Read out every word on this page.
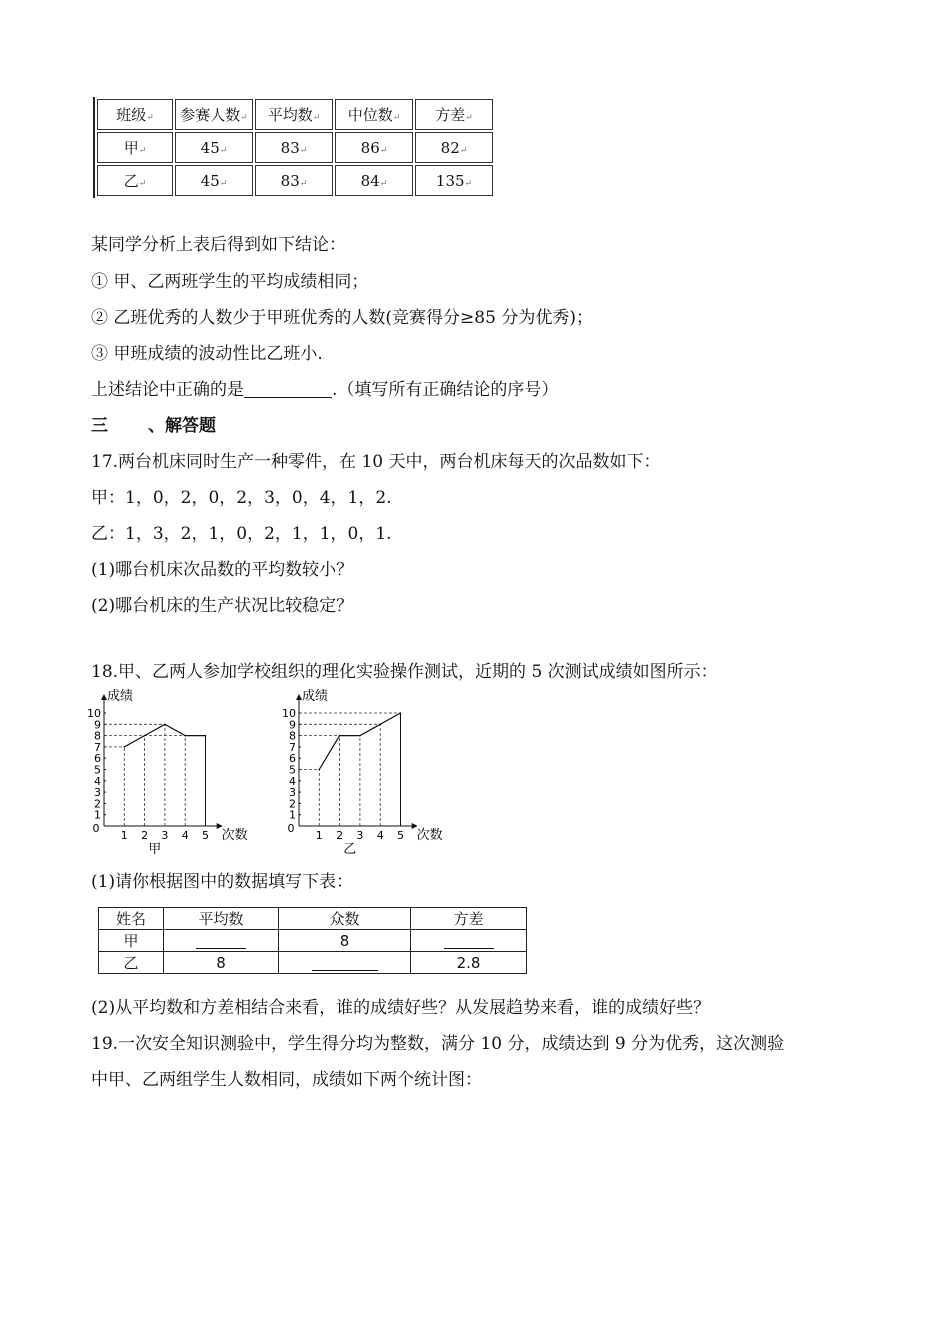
班级↵	参赛人数↵	平均数↵	中位数↵	方差↵
甲↵	45↵	83↵	86↵	82↵
乙↵	45↵	83↵	84↵	135↵
某同学分析上表后得到如下结论：
① 甲、乙两班学生的平均成绩相同；
② 乙班优秀的人数少于甲班优秀的人数(竞赛得分≥85 分为优秀)；
③ 甲班成绩的波动性比乙班小.
上述结论中正确的是	.（填写所有正确结论的序号）
三 、解答题
17.两台机床同时生产一种零件，在 10 天中，两台机床每天的次品数如下：
甲：1，0，2，0，2，3，0，4，1，2.
乙：1，3，2，1，0，2，1，1，0，1.
(1)哪台机床次品数的平均数较小？
(2)哪台机床的生产状况比较稳定？
18.甲、乙两人参加学校组织的理化实验操作测试，近期的 5 次测试成绩如图所示：
1
2
3
4
5
6
7
8
9
10
0
1 2 3 4 5
成绩
次数
甲
1
2
3
4
5
6
7
8
9
10
0
1 2 3 4 5
成绩
次数
乙
(1)请你根据图中的数据填写下表：
姓名	平均数	众数	方差
甲		8	
乙	8		2.8
(2)从平均数和方差相结合来看，谁的成绩好些？从发展趋势来看，谁的成绩好些？
19.一次安全知识测验中，学生得分均为整数，满分 10 分，成绩达到 9 分为优秀，这次测验
中甲、乙两组学生人数相同，成绩如下两个统计图：
